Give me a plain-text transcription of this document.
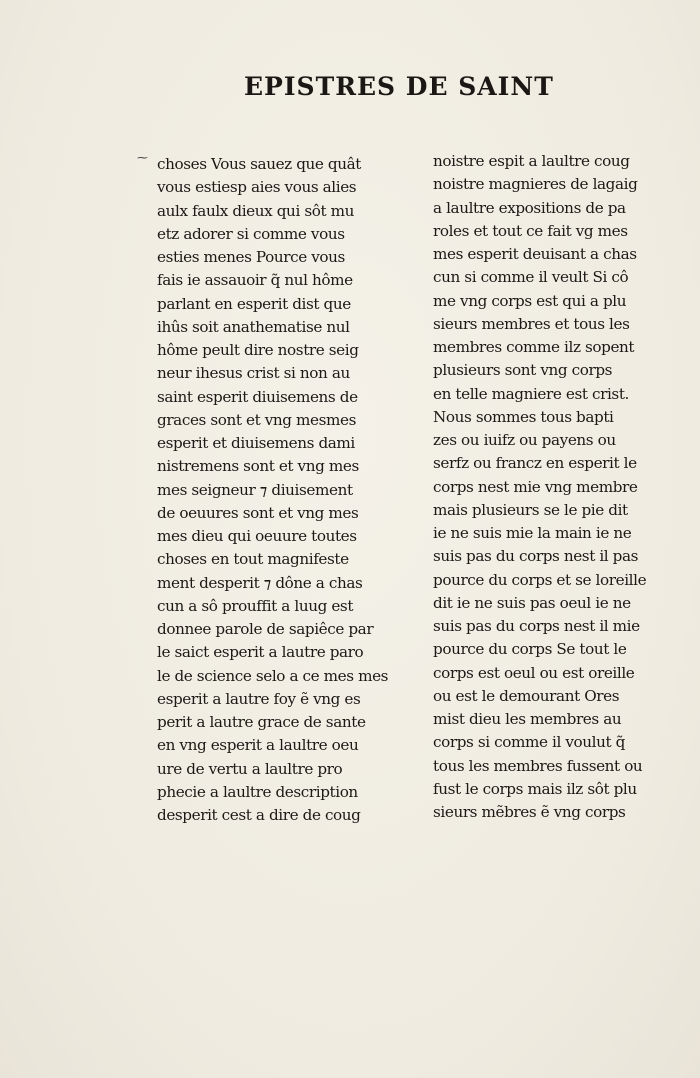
EPISTRES DE SAINT
⁓ choses Vous sauez que quât
vous estiesp aies vous alies
aulx faulx dieux qui sôt mu
etz adorer si comme vous
esties menes Pource vous
fais ie assauoir q̃ nul hôme
parlant en esperit dist que
ihûs soit anathematise nul
hôme peult dire nostre seig
neur ihesus crist si non au
saint esperit diuisemens de
graces sont et vng mesmes
esperit et diuisemens dami
nistremens sont et vng mes
mes seigneur ⁊ diuisement
de oeuures sont et vng mes
mes dieu qui oeuure toutes
choses en tout magnifeste
ment desperit ⁊ dône a chas
cun a sô prouffit a luug est
donnee parole de sapiêce par
le saict esperit a lautre paro
le de science selo a ce mes mes
esperit a lautre foy ẽ vng es
perit a lautre grace de sante
en vng esperit a laultre oeu
ure de vertu a laultre pro
phecie a laultre description
desperit cest a dire de coug
noistre espit a laultre coug
noistre magnieres de lagaig
a laultre expositions de pa
roles et tout ce fait vg mes
mes esperit deuisant a chas
cun si comme il veult Si cô
me vng corps est qui a plu
sieurs membres et tous les
membres comme ilz sopent
plusieurs sont vng corps
en telle magniere est crist.
Nous sommes tous bapti
zes ou iuifz ou payens ou
serfz ou francz en esperit le
corps nest mie vng membre
mais plusieurs se le pie dit
ie ne suis mie la main ie ne
suis pas du corps nest il pas
pource du corps et se loreille
dit ie ne suis pas oeul ie ne
suis pas du corps nest il mie
pource du corps Se tout le
corps est oeul ou est oreille
ou est le demourant Ores
mist dieu les membres au
corps si comme il voulut q̃
tous les membres fussent ou
fust le corps mais ilz sôt plu
sieurs mẽbres ẽ vng corps
